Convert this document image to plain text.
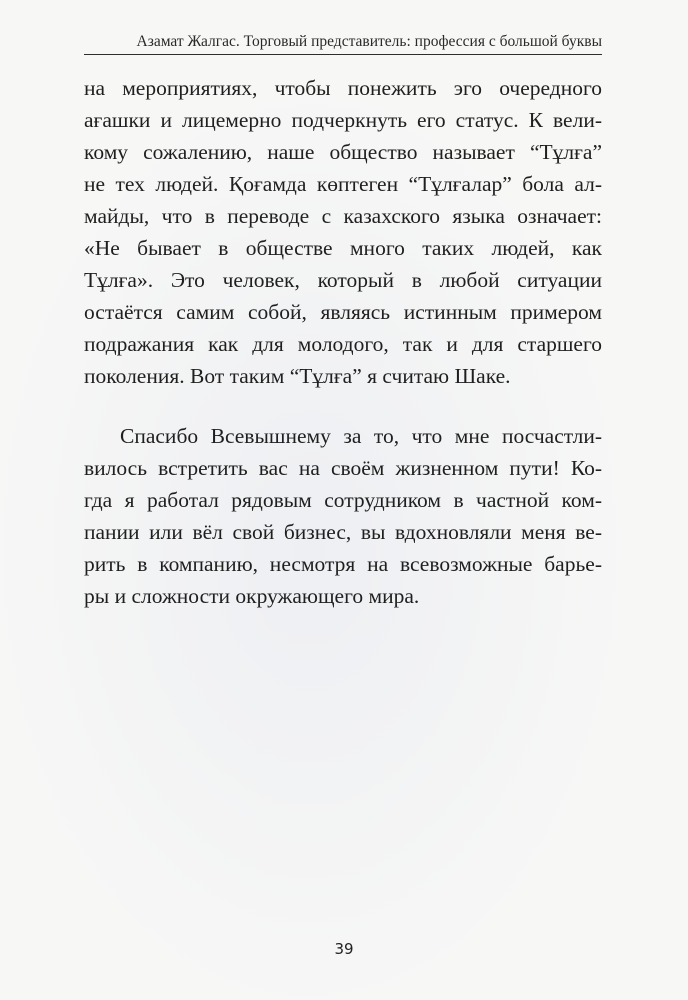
Азамат Жалгас. Торговый представитель: профессия с большой буквы
на мероприятиях, чтобы понежить эго очередного
ағашки и лицемерно подчеркнуть его статус. К вели-
кому сожалению, наше общество называет “Тұлға”
не тех людей. Қоғамда көптеген “Тұлғалар” бола ал-
майды, что в переводе с казахского языка означает:
«Не бывает в обществе много таких людей, как
Тұлға». Это человек, который в любой ситуации
остаётся самим собой, являясь истинным примером
подражания как для молодого, так и для старшего
поколения. Вот таким “Тұлға” я считаю Шаке.
Спасибо Всевышнему за то, что мне посчастли-
вилось встретить вас на своём жизненном пути! Ко-
гда я работал рядовым сотрудником в частной ком-
пании или вёл свой бизнес, вы вдохновляли меня ве-
рить в компанию, несмотря на всевозможные барье-
ры и сложности окружающего мира.
39
